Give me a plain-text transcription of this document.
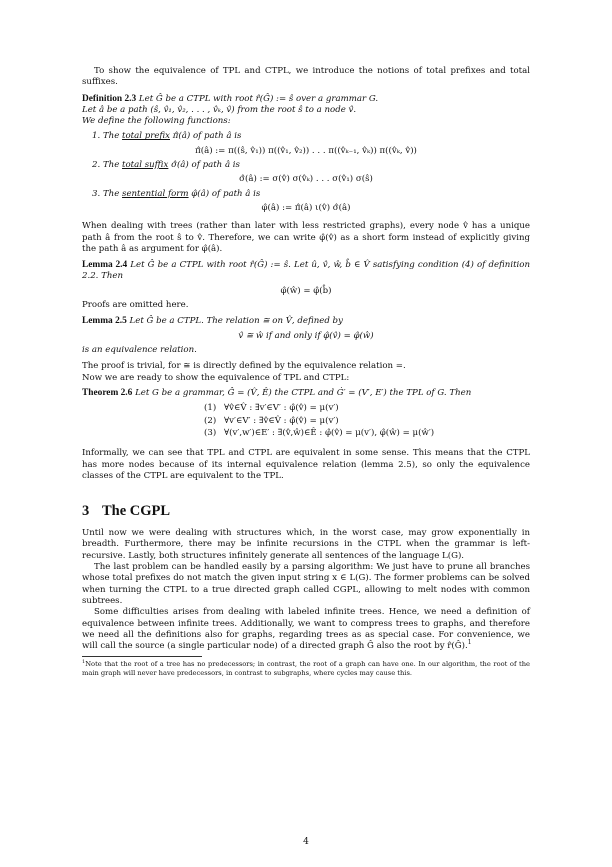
To show the equivalence of TPL and CTPL, we introduce the notions of total prefixes and total suffixes.

Definition 2.3 Let Ĝ be a CTPL with root r̂(Ĝ) := ŝ over a grammar G.

Let â be a path (ŝ, v̂₁, v̂₂, . . . , v̂ₖ, v̂) from the root ŝ to a node v̂.

We define the following functions:

1. The total prefix π̂(â) of path â is

π̂(â) := π((ŝ, v̂₁)) π((v̂₁, v̂₂)) . . . π((v̂ₖ₋₁, v̂ₖ)) π((v̂ₖ, v̂))

2. The total suffix σ̂(â) of path â is

σ̂(â) := σ(v̂) σ(v̂ₖ) . . . σ(v̂₁) σ(ŝ)

3. The sentential form φ̂(â) of path â is

φ̂(â) := π̂(â) ι(v̂) σ̂(â)

When dealing with trees (rather than later with less restricted graphs), every node v̂ has a unique path â from the root ŝ to v̂. Therefore, we can write φ̂(v̂) as a short form instead of explicitly giving the path â as argument for φ̂(â).

Lemma 2.4 Let Ĝ be a CTPL with root r̂(Ĝ) := ŝ. Let û, v̂, ŵ, b̂ ∈ V̂ satisfying condition (4) of definition 2.2. Then

φ̂(ŵ) = φ̂(b̂)

Proofs are omitted here.

Lemma 2.5 Let Ĝ be a CTPL. The relation ≅ on V̂, defined by

v̂ ≅ ŵ if and only if φ̂(v̂) = φ̂(ŵ)

is an equivalence relation.

The proof is trivial, for ≅ is directly defined by the equivalence relation =.

Now we are ready to show the equivalence of TPL and CTPL:

Theorem 2.6 Let G be a grammar, Ĝ = (V̂, Ê) the CTPL and Ġ′ = (V′, E′) the TPL of G. Then

(1) ∀v̂∈V̂ : ∃v′∈V′ : φ̂(v̂) = μ(v′)
(2) ∀v′∈V′ : ∃v̂∈V̂ : φ̂(v̂) = μ(v′)
(3) ∀(v′,w′)∈E′ : ∃(v̂,ŵ)∈Ê : φ̂(v̂) = μ(v′), φ̂(ŵ) = μ(ŵ′)

Informally, we can see that TPL and CTPL are equivalent in some sense. This means that the CTPL has more nodes because of its internal equivalence relation (lemma 2.5), so only the equivalence classes of the CTPL are equivalent to the TPL.

3 The CGPL

Until now we were dealing with structures which, in the worst case, may grow exponentially in breadth. Furthermore, there may be infinite recursions in the CTPL when the grammar is left-recursive. Lastly, both structures infinitely generate all sentences of the language L(G).

The last problem can be handled easily by a parsing algorithm: We just have to prune all branches whose total prefixes do not match the given input string x ∈ L(G). The former problems can be solved when turning the CTPL to a true directed graph called CGPL, allowing to melt nodes with common subtrees.

Some difficulties arises from dealing with labeled infinite trees. Hence, we need a definition of equivalence between infinite trees. Additionally, we want to compress trees to graphs, and therefore we need all the definitions also for graphs, regarding trees as as special case. For convenience, we will call the source (a single particular node) of a directed graph Ĝ also the root by r̂(Ĝ).$^1$

$^1$Note that the root of a tree has no predecessors; in contrast, the root of a graph can have one. In our algorithm, the root of the main graph will never have predecessors, in contrast to subgraphs, where cycles may cause this.

4
